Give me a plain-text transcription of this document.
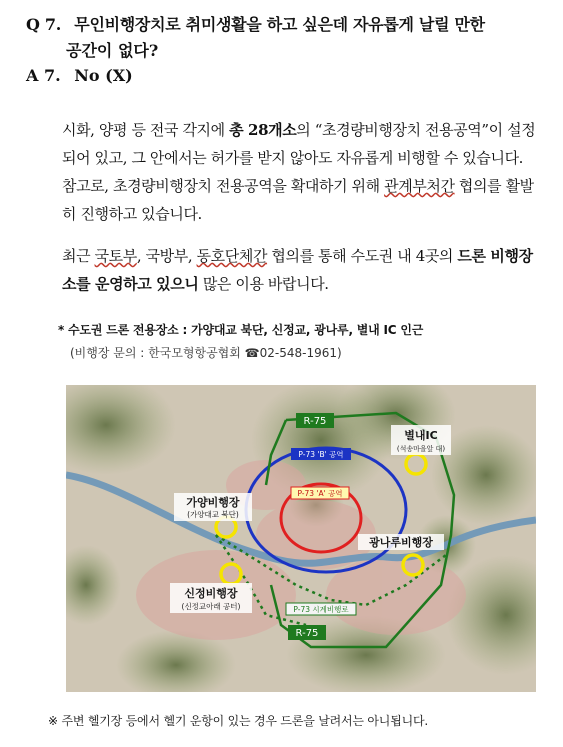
Q 7. 무인비행장치로 취미생활을 하고 싶은데 자유롭게 날릴 만한
공간이 없다?
A 7. No (X)
시화, 양평 등 전국 각지에 총 28개소의 “초경량비행장치 전용공역”이 설정되어 있고, 그 안에서는 허가를 받지 않아도 자유롭게 비행할 수 있습니다. 참고로, 초경량비행장치 전용공역을 확대하기 위해 관계부처간 협의를 활발히 진행하고 있습니다.
최근 국토부, 국방부, 동호단체간 협의를 통해 수도권 내 4곳의 드론 비행장소를 운영하고 있으니 많은 이용 바랍니다.
* 수도권 드론 전용장소 : 가양대교 북단, 신정교, 광나루, 별내 IC 인근
(비행장 문의 : 한국모형항공협회 ☎02-548-1961)
R-75
R-75
P-73 'B' 공역
P-73 'A' 공역
P-73 시계비행로
별내IC
(석송마을앞 대)
가양비행장
(가양대교 북단)
광나루비행장
신정비행장
(신정교아래 공터)
※ 주변 헬기장 등에서 헬기 운항이 있는 경우 드론을 날려서는 아니됩니다.
